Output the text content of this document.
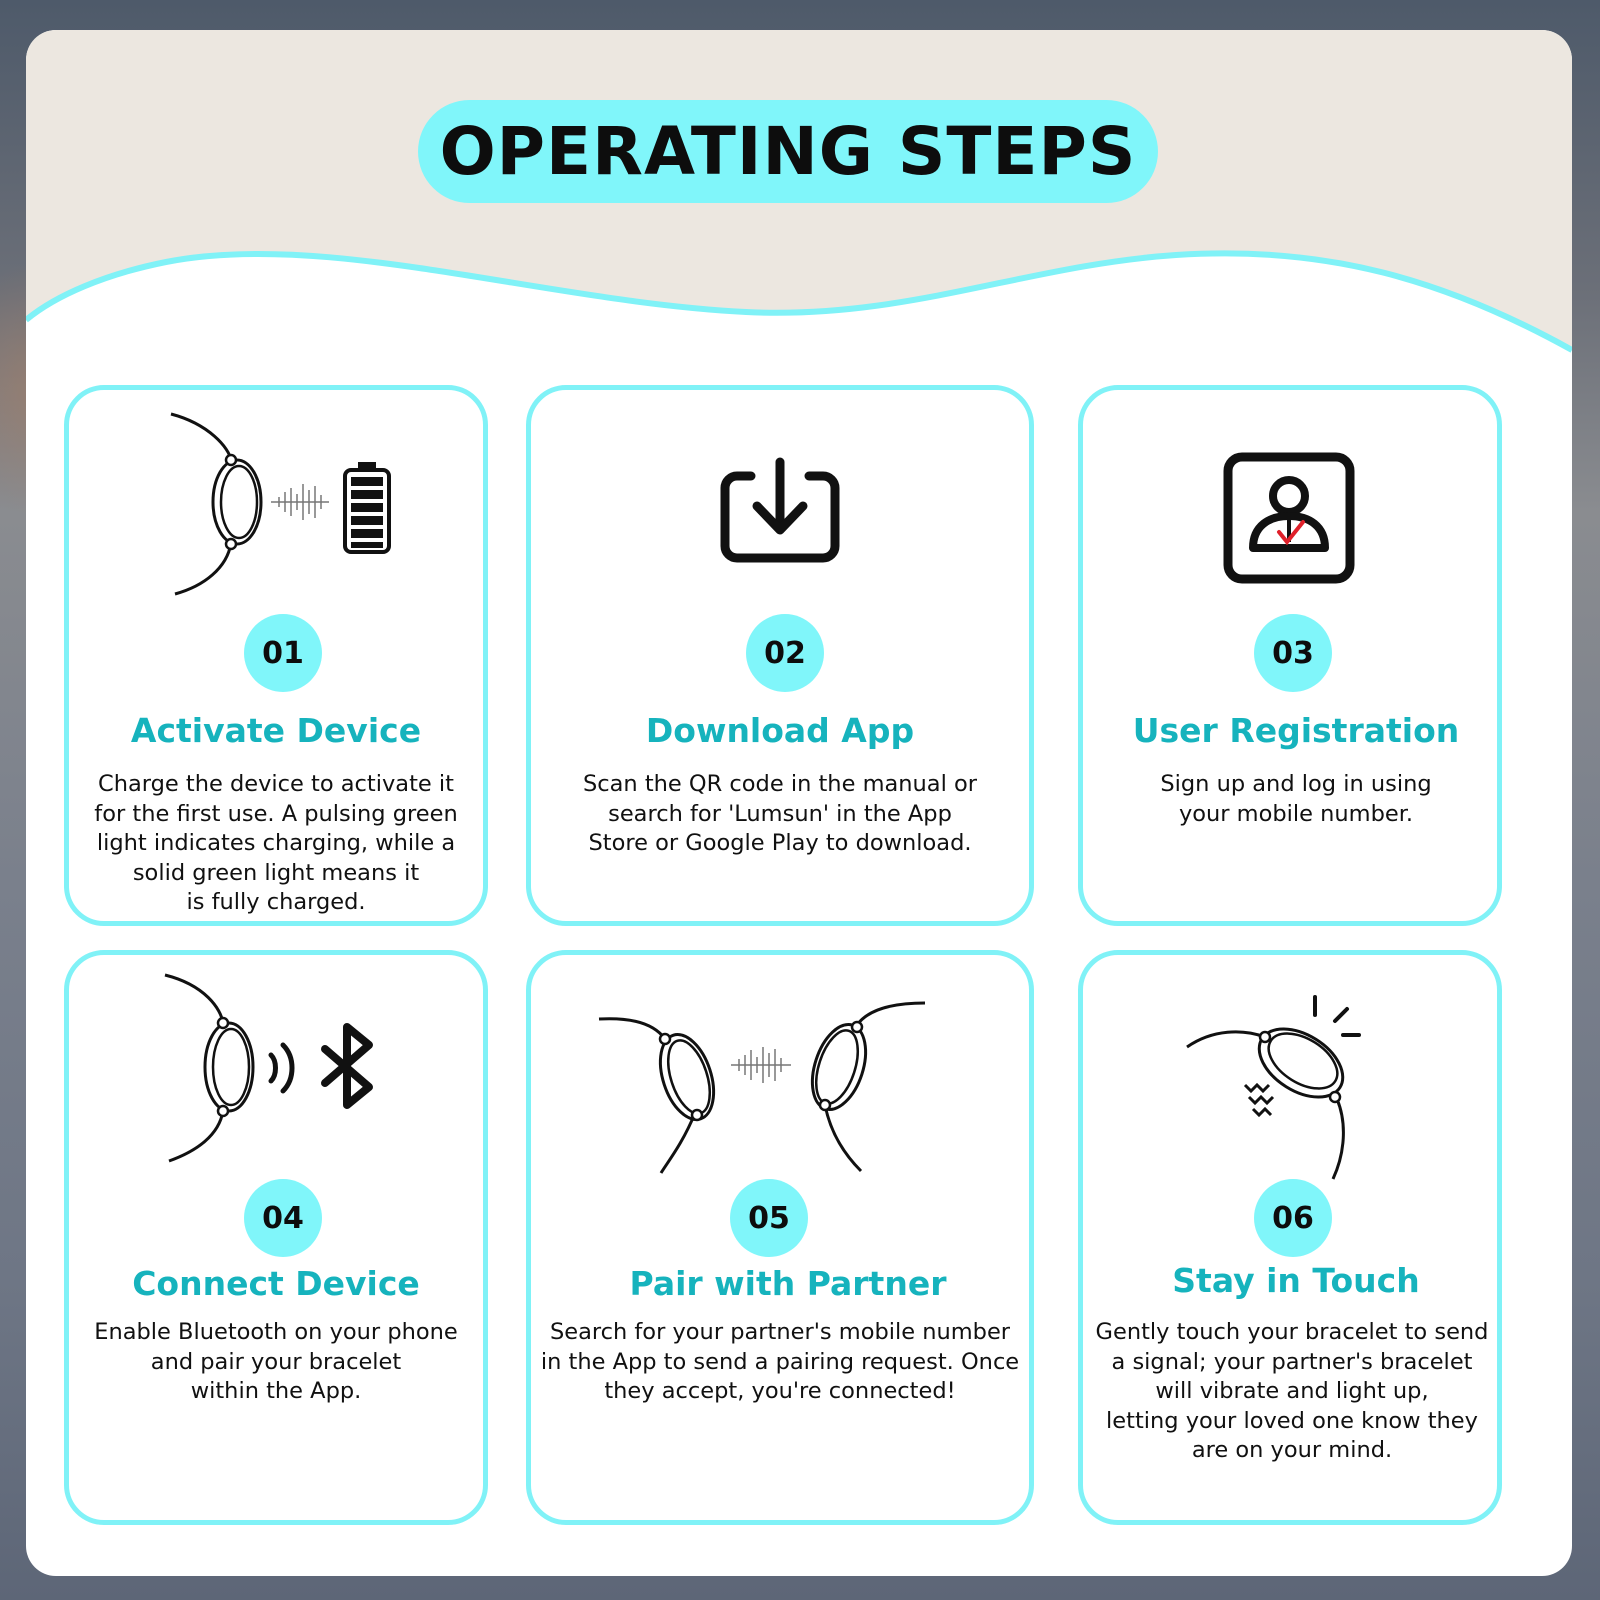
OPERATING STEPS
01
Activate Device
Charge the device to activate it
for the first use. A pulsing green
light indicates charging, while a
solid green light means it
is fully charged.
02
Download App
Scan the QR code in the manual or
search for 'Lumsun' in the App
Store or Google Play to download.
03
User Registration
Sign up and log in using
your mobile number.
04
Connect Device
Enable Bluetooth on your phone
and pair your bracelet
within the App.
05
Pair with Partner
Search for your partner's mobile number
in the App to send a pairing request. Once
they accept, you're connected!
06
Stay in Touch
Gently touch your bracelet to send
a signal; your partner's bracelet
will vibrate and light up,
letting your loved one know they
are on your mind.
